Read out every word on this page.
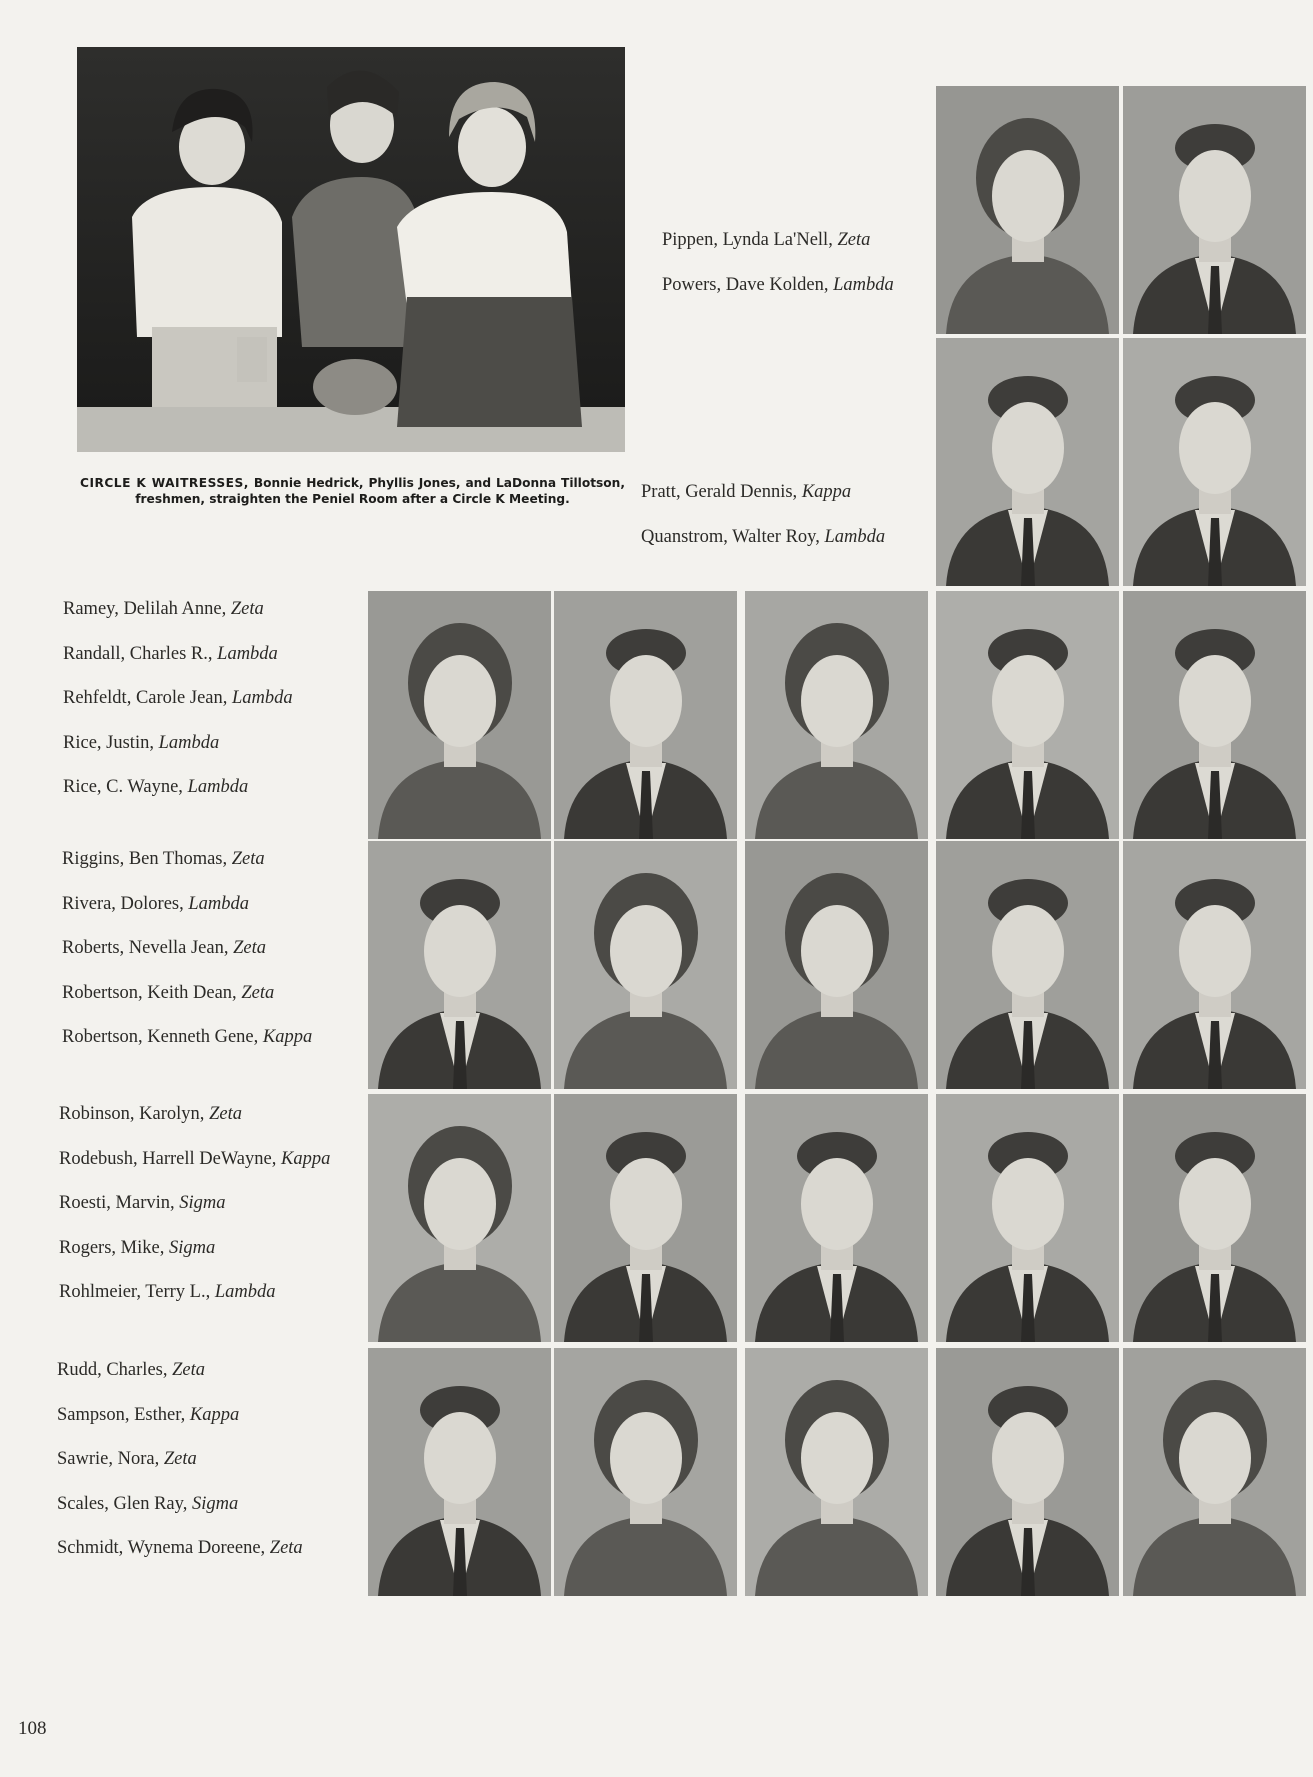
CIRCLE K WAITRESSES, Bonnie Hedrick, Phyllis Jones, and LaDonna Tillotson, freshmen, straighten the Peniel Room after a Circle K Meeting.
Pippen, Lynda La'Nell, Zeta
Powers, Dave Kolden, Lambda
Pratt, Gerald Dennis, Kappa
Quanstrom, Walter Roy, Lambda
Ramey, Delilah Anne, Zeta
Randall, Charles R., Lambda
Rehfeldt, Carole Jean, Lambda
Rice, Justin, Lambda
Rice, C. Wayne, Lambda
Riggins, Ben Thomas, Zeta
Rivera, Dolores, Lambda
Roberts, Nevella Jean, Zeta
Robertson, Keith Dean, Zeta
Robertson, Kenneth Gene, Kappa
Robinson, Karolyn, Zeta
Rodebush, Harrell DeWayne, Kappa
Roesti, Marvin, Sigma
Rogers, Mike, Sigma
Rohlmeier, Terry L., Lambda
Rudd, Charles, Zeta
Sampson, Esther, Kappa
Sawrie, Nora, Zeta
Scales, Glen Ray, Sigma
Schmidt, Wynema Doreene, Zeta
108
